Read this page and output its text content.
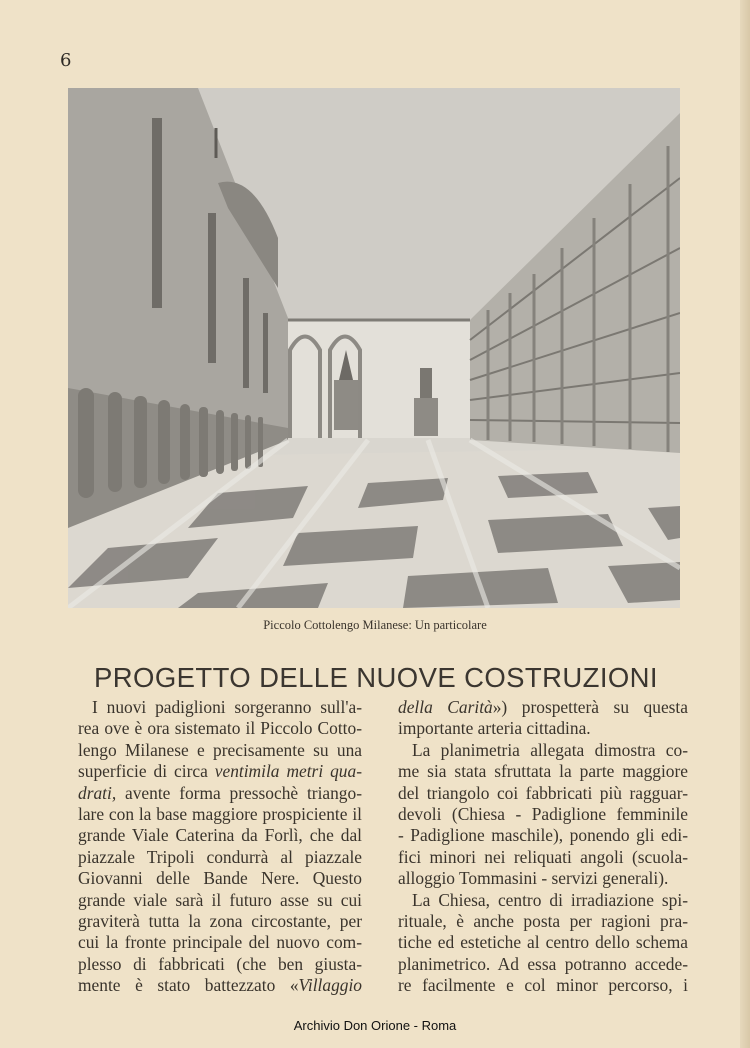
6
Piccolo Cottolengo Milanese: Un particolare
PROGETTO DELLE NUOVE COSTRUZIONI
I nuovi padiglioni sorgeranno sull'a-
rea ove è ora sistemato il Piccolo Cotto-
lengo Milanese e precisamente su una
superficie di circa ventimila metri qua-
drati, avente forma pressochè triango-
lare con la base maggiore prospiciente il
grande Viale Caterina da Forlì, che dal
piazzale Tripoli condurrà al piazzale
Giovanni delle Bande Nere. Questo
grande viale sarà il futuro asse su cui
graviterà tutta la zona circostante, per
cui la fronte principale del nuovo com-
plesso di fabbricati (che ben giusta-
mente è stato battezzato «Villaggio
della Carità») prospetterà su questa
importante arteria cittadina.
La planimetria allegata dimostra co-
me sia stata sfruttata la parte maggiore
del triangolo coi fabbricati più ragguar-
devoli (Chiesa - Padiglione femminile
- Padiglione maschile), ponendo gli edi-
fici minori nei reliquati angoli (scuola-
alloggio Tommasini - servizi generali).
La Chiesa, centro di irradiazione spi-
rituale, è anche posta per ragioni pra-
tiche ed estetiche al centro dello schema
planimetrico. Ad essa potranno accede-
re facilmente e col minor percorso, i
Archivio Don Orione - Roma
